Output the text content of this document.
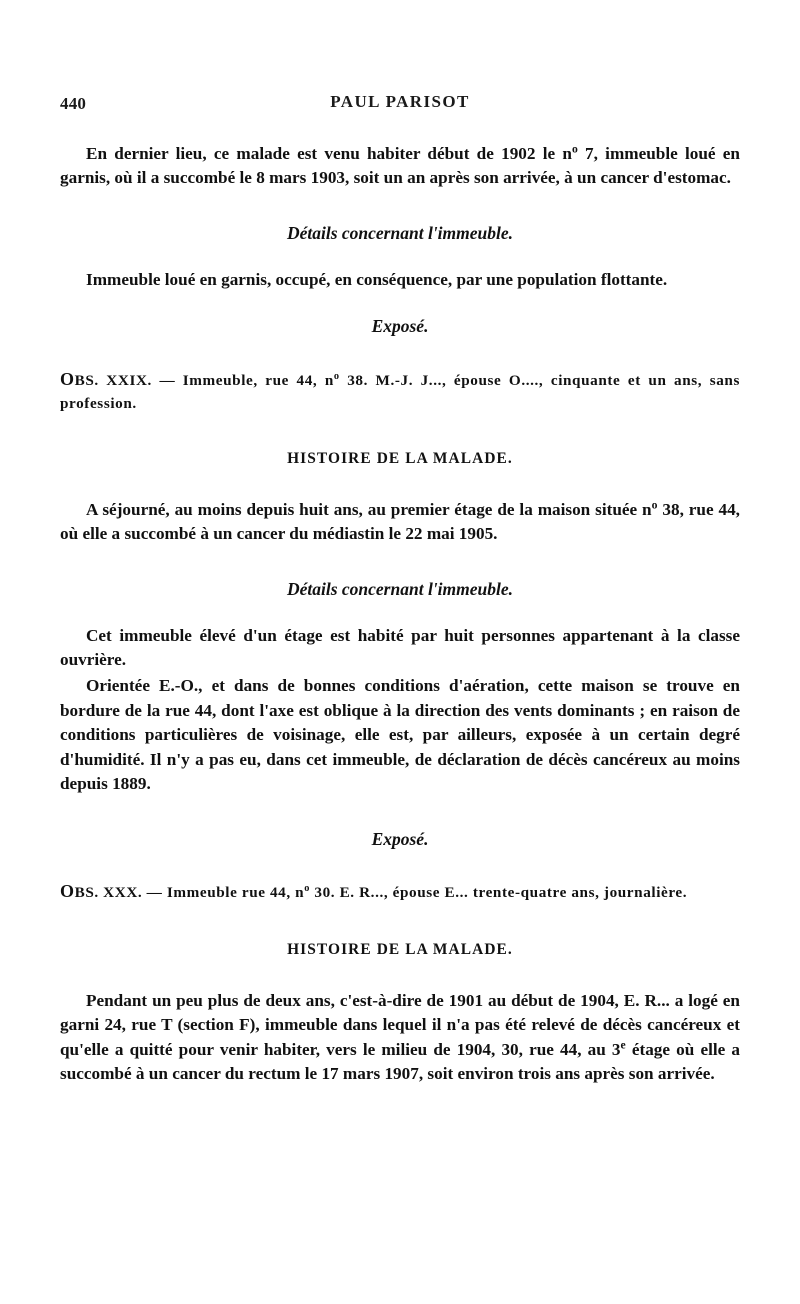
440	PAUL PARISOT

En dernier lieu, ce malade est venu habiter début de 1902 le $n^o$ 7, immeuble loué en garnis, où il a succombé le 8 mars 1903, soit un an après son arrivée, à un cancer d'estomac.

Détails concernant l'immeuble.

Immeuble loué en garnis, occupé, en conséquence, par une population flottante.

Exposé.

OBS. XXIX. — Immeuble, rue 44, $n^o$ 38. M.-J. J..., épouse O...., cinquante et un ans, sans profession.

HISTOIRE DE LA MALADE.

A séjourné, au moins depuis huit ans, au premier étage de la maison située $n^o$ 38, rue 44, où elle a succombé à un cancer du médiastin le 22 mai 1905.

Détails concernant l'immeuble.

Cet immeuble élevé d'un étage est habité par huit personnes appartenant à la classe ouvrière.

Orientée E.-O., et dans de bonnes conditions d'aération, cette maison se trouve en bordure de la rue 44, dont l'axe est oblique à la direction des vents dominants ; en raison de conditions particulières de voisinage, elle est, par ailleurs, exposée à un certain degré d'humidité. Il n'y a pas eu, dans cet immeuble, de déclaration de décès cancéreux au moins depuis 1889.

Exposé.

OBS. XXX. — Immeuble rue 44, $n^o$ 30. E. R..., épouse E... trente-quatre ans, journalière.

HISTOIRE DE LA MALADE.

Pendant un peu plus de deux ans, c'est-à-dire de 1901 au début de 1904, E. R... a logé en garni 24, rue T (section F), immeuble dans lequel il n'a pas été relevé de décès cancéreux et qu'elle a quitté pour venir habiter, vers le milieu de 1904, 30, rue 44, au 3e étage où elle a succombé à un cancer du rectum le 17 mars 1907, soit environ trois ans après son arrivée.
